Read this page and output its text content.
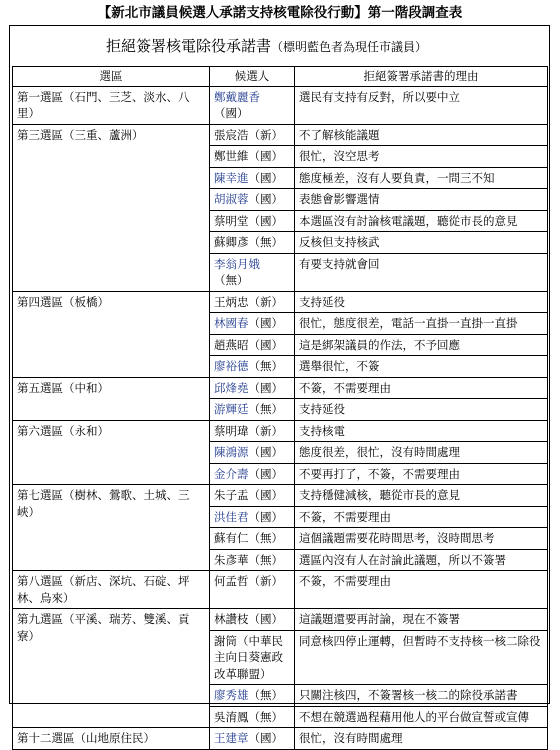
【新北市議員候選人承諾支持核電除役行動】第一階段調查表
拒絕簽署核電除役承諾書（標明藍色者為現任市議員）
選區	候選人	拒絕簽署承諾書的理由
第一選區（石門、三芝、淡水、八里）	鄭戴麗香（國）	選民有支持有反對，所以要中立
第三選區（三重、蘆洲）	張宸浩（新）	不了解核能議題
	鄭世維（國）	很忙，沒空思考
	陳幸進（國）	態度極差，沒有人要負責，一問三不知
	胡淑蓉（國）	表態會影響選情
	蔡明堂（國）	本選區沒有討論核電議題，聽從市長的意見
	蘇卿彥（無）	反核但支持核武
	李翁月娥（無）	有要支持就會回
第四選區（板橋）	王炳忠（新）	支持延役
	林國春（國）	很忙，態度很差，電話一直掛一直掛一直掛
	趙燕昭（國）	這是綁架議員的作法，不予回應
	廖裕德（無）	選舉很忙，不簽
第五選區（中和）	邱烽堯（國）	不簽，不需要理由
	游輝廷（無）	支持延役
第六選區（永和）	蔡明瑋（新）	支持核電
	陳鴻源（國）	態度很差，很忙，沒有時間處理
	金介壽（國）	不要再打了，不簽，不需要理由
第七選區（樹林、鶯歌、土城、三峽）	朱子盂（國）	支持穩健減核，聽從市長的意見
	洪佳君（國）	不簽，不需要理由
	蘇有仁（無）	這個議題需要花時間思考，沒時間思考
	朱彥華（無）	選區內沒有人在討論此議題，所以不簽署
第八選區（新店、深坑、石碇、坪林、烏來）	何孟哲（新）	不簽，不需要理由
第九選區（平溪、瑞芳、雙溪、貢寮）	林讚枝（國）	這議題還要再討論，現在不簽署
	謝筒（中華民主向日葵憲政改革聯盟）	同意核四停止運轉，但暫時不支持核一核二除役
	廖秀雄（無）	只關注核四，不簽署核一核二的除役承諾書
	吳淯鳳（無）	不想在競選過程藉用他人的平台做宣誓或宣傳
第十二選區（山地原住民）	王建章（國）	很忙，沒有時間處理
